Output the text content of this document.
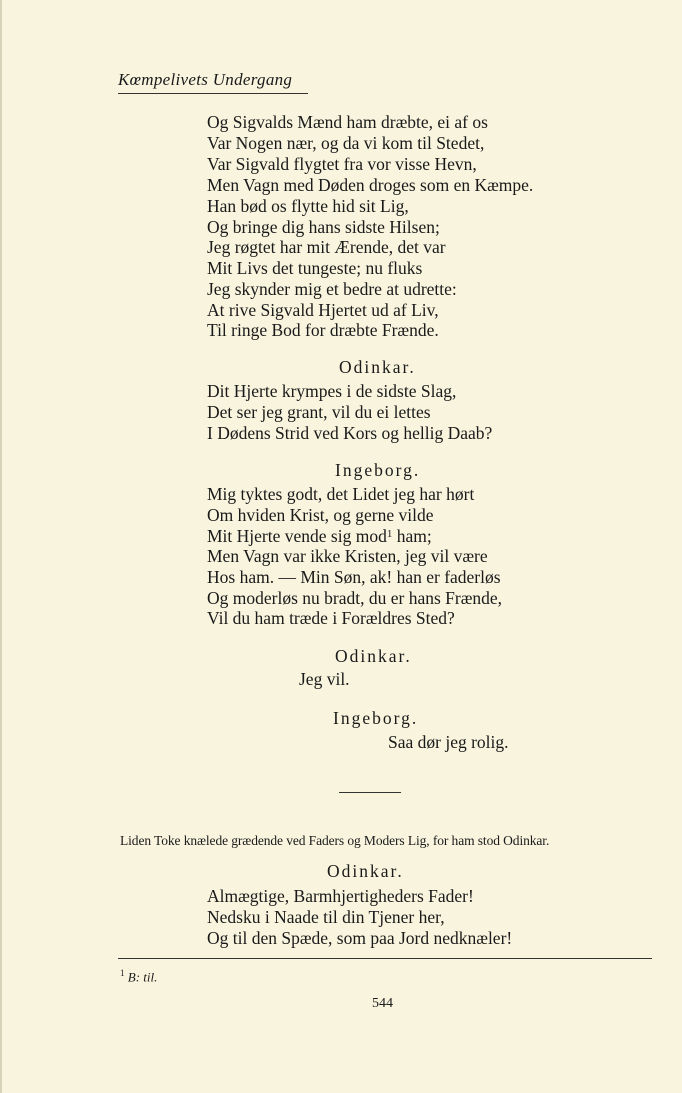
Kœmpelivets Undergang
Og Sigvalds Mænd ham dræbte, ei af os
Var Nogen nær, og da vi kom til Stedet,
Var Sigvald flygtet fra vor visse Hevn,
Men Vagn med Døden droges som en Kæmpe.
Han bød os flytte hid sit Lig,
Og bringe dig hans sidste Hilsen;
Jeg røgtet har mit Ærende, det var
Mit Livs det tungeste; nu fluks
Jeg skynder mig et bedre at udrette:
At rive Sigvald Hjertet ud af Liv,
Til ringe Bod for dræbte Frænde.
Odinkar.
Dit Hjerte krympes i de sidste Slag,
Det ser jeg grant, vil du ei lettes
I Dødens Strid ved Kors og hellig Daab?
Ingeborg.
Mig tyktes godt, det Lidet jeg har hørt
Om hviden Krist, og gerne vilde
Mit Hjerte vende sig mod$^1$ ham;
Men Vagn var ikke Kristen, jeg vil være
Hos ham. — Min Søn, ak! han er faderløs
Og moderløs nu bradt, du er hans Frænde,
Vil du ham træde i Forældres Sted?
Odinkar.
Jeg vil.
Ingeborg.
Saa dør jeg rolig.
Liden Toke knælede grædende ved Faders og Moders Lig, for ham stod Odinkar.
Odinkar.
Almægtige, Barmhjertigheders Fader!
Nedsku i Naade til din Tjener her,
Og til den Spæde, som paa Jord nedknæler!
$^1$ B: til.
544
